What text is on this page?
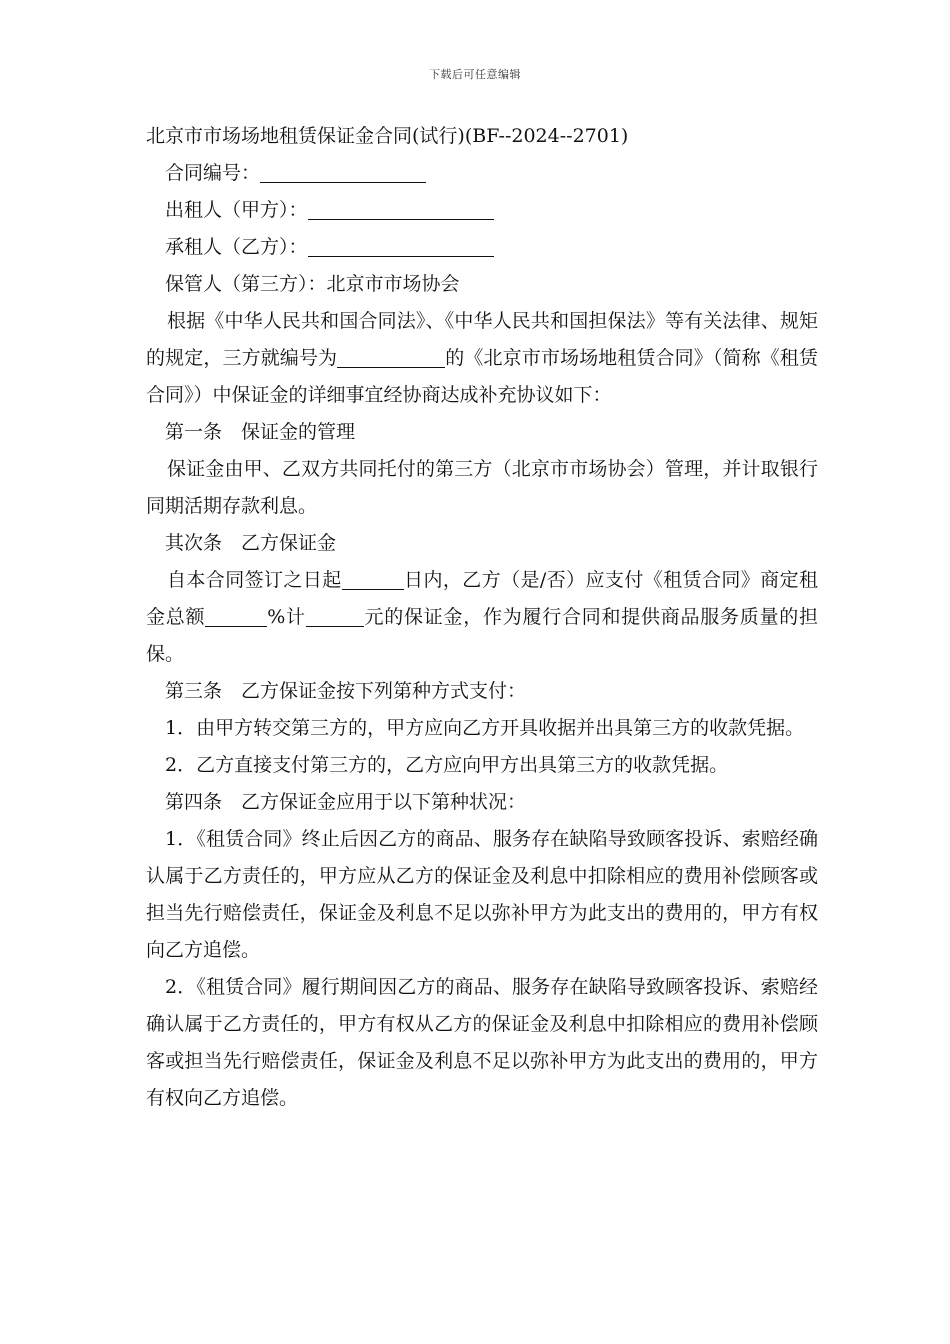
下载后可任意编辑

北京市市场场地租赁保证金合同(试行)(BF--2024--2701)

合同编号：

出租人（甲方）：

承租人（乙方）：

保管人（第三方）：北京市市场协会

根据《中华人民共和国合同法》、《中华人民共和国担保法》等有关法律、规矩的规定，三方就编号为	的《北京市市场场地租赁合同》（简称《租赁合同》）中保证金的详细事宜经协商达成补充协议如下：

第一条　保证金的管理

保证金由甲、乙双方共同托付的第三方（北京市市场协会）管理，并计取银行同期活期存款利息。

其次条　乙方保证金

自本合同签订之日起	日内，乙方（是/否）应支付《租赁合同》商定租金总额	%计	元的保证金，作为履行合同和提供商品服务质量的担保。

第三条　乙方保证金按下列第种方式支付：

1．由甲方转交第三方的，甲方应向乙方开具收据并出具第三方的收款凭据。

2．乙方直接支付第三方的，乙方应向甲方出具第三方的收款凭据。

第四条　乙方保证金应用于以下第种状况：

1．《租赁合同》终止后因乙方的商品、服务存在缺陷导致顾客投诉、索赔经确认属于乙方责任的，甲方应从乙方的保证金及利息中扣除相应的费用补偿顾客或担当先行赔偿责任，保证金及利息不足以弥补甲方为此支出的费用的，甲方有权向乙方追偿。

2．《租赁合同》履行期间因乙方的商品、服务存在缺陷导致顾客投诉、索赔经确认属于乙方责任的，甲方有权从乙方的保证金及利息中扣除相应的费用补偿顾客或担当先行赔偿责任，保证金及利息不足以弥补甲方为此支出的费用的，甲方有权向乙方追偿。
